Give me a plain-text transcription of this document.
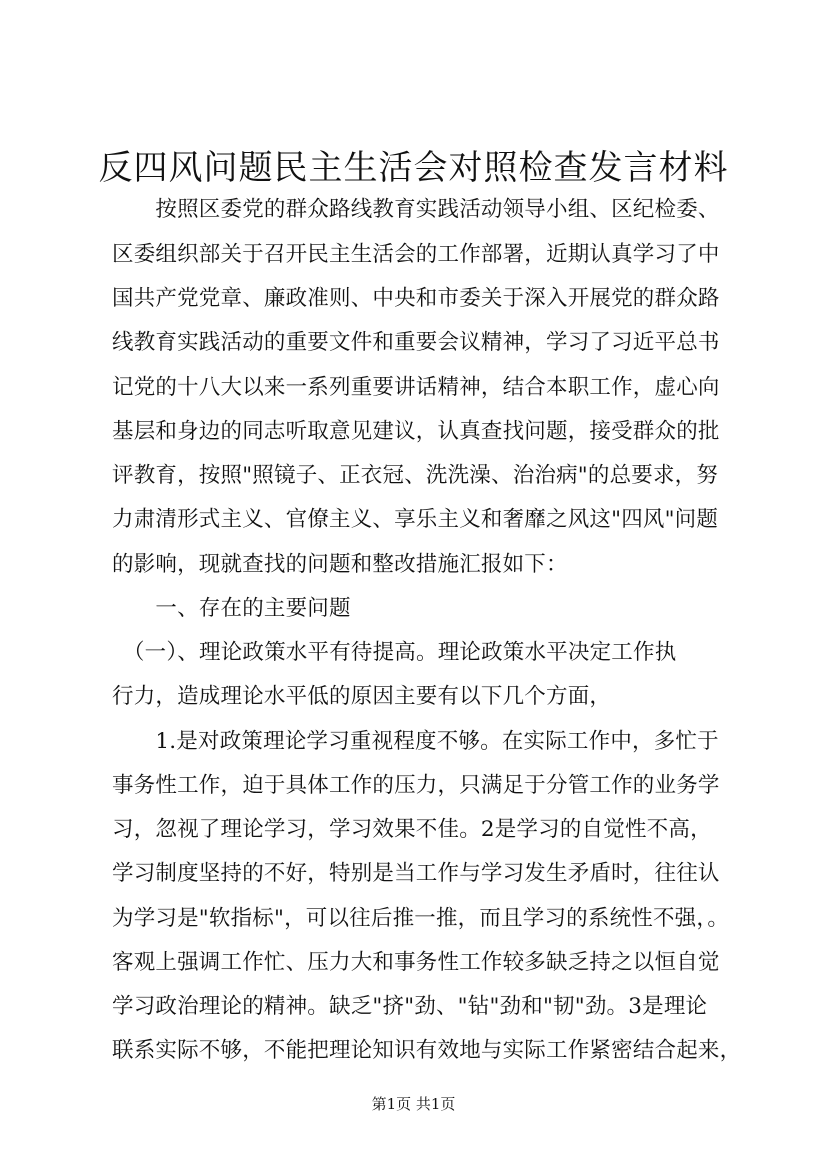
反四风问题民主生活会对照检查发言材料
　　按照区委党的群众路线教育实践活动领导小组、区纪检委、
区委组织部关于召开民主生活会的工作部署，近期认真学习了中
国共产党党章、廉政准则、中央和市委关于深入开展党的群众路
线教育实践活动的重要文件和重要会议精神，学习了习近平总书
记党的十八大以来一系列重要讲话精神，结合本职工作，虚心向
基层和身边的同志听取意见建议，认真查找问题，接受群众的批
评教育，按照"照镜子、正衣冠、洗洗澡、治治病"的总要求，努
力肃清形式主义、官僚主义、享乐主义和奢靡之风这"四风"问题
的影响，现就查找的问题和整改措施汇报如下：
　　一、存在的主要问题
　（一）、理论政策水平有待提高。理论政策水平决定工作执
行力，造成理论水平低的原因主要有以下几个方面，
　　1.是对政策理论学习重视程度不够。在实际工作中，多忙于
事务性工作，迫于具体工作的压力，只满足于分管工作的业务学
习，忽视了理论学习，学习效果不佳。2是学习的自觉性不高，
学习制度坚持的不好，特别是当工作与学习发生矛盾时，往往认
为学习是"软指标"，可以往后推一推，而且学习的系统性不强，。
客观上强调工作忙、压力大和事务性工作较多缺乏持之以恒自觉
学习政治理论的精神。缺乏"挤"劲、"钻"劲和"韧"劲。3是理论
联系实际不够，不能把理论知识有效地与实际工作紧密结合起来，
第1页 共1页
